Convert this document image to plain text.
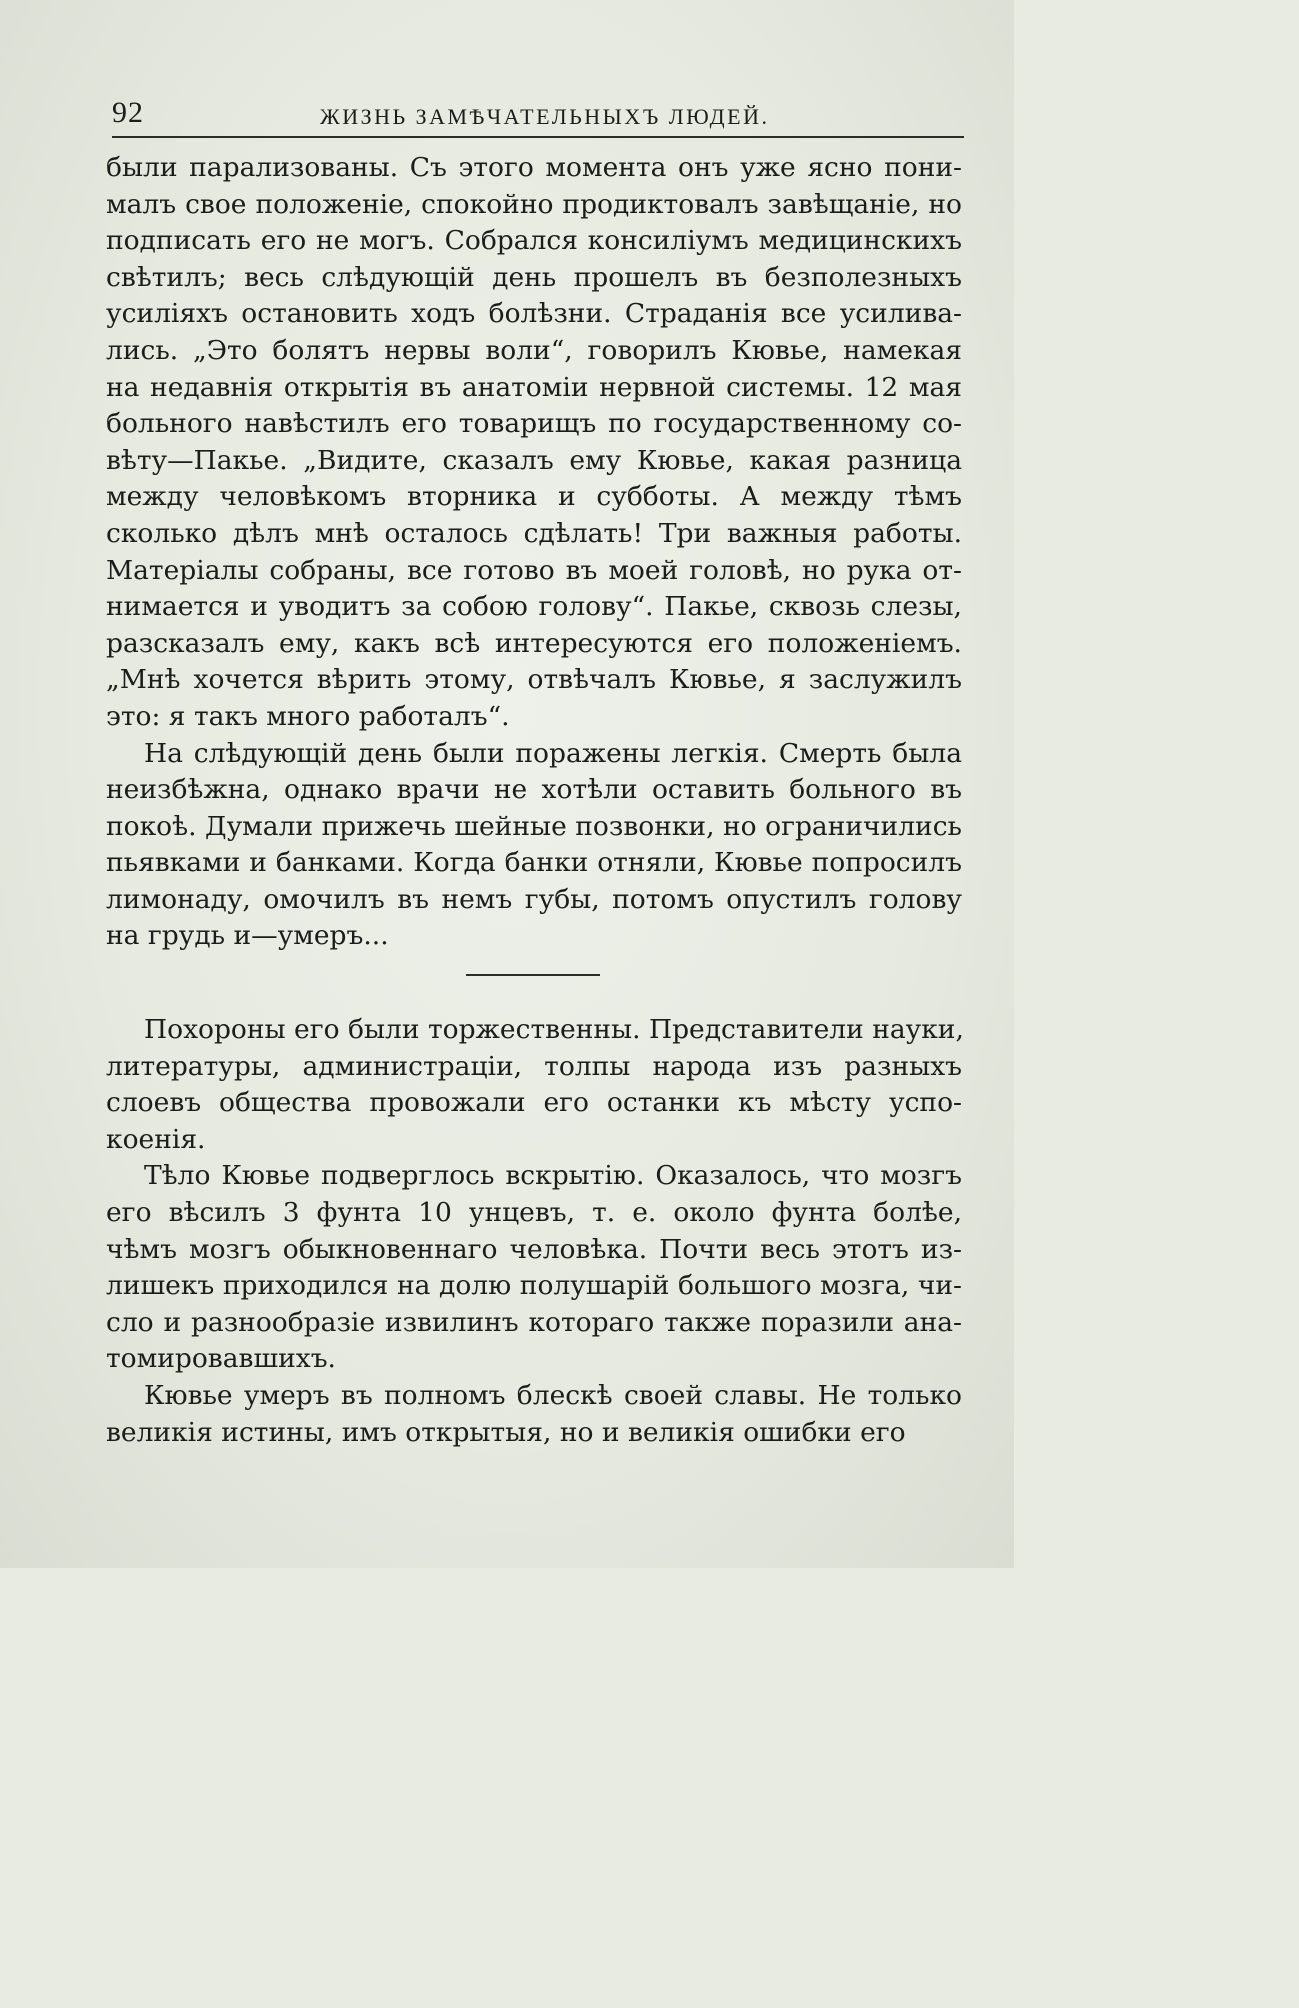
92	ЖИЗНЬ ЗАМѢЧАТЕЛЬНЫХЪ ЛЮДЕЙ.
были парализованы. Съ этого момента онъ уже ясно пони-
малъ свое положеніе, спокойно продиктовалъ завѣщаніе, но
подписать его не могъ. Собрался консиліумъ медицинскихъ
свѣтилъ; весь слѣдующій день прошелъ въ безполезныхъ
усиліяхъ остановить ходъ болѣзни. Страданія все усилива-
лись. „Это болятъ нервы воли“, говорилъ Кювье, намекая
на недавнія открытія въ анатоміи нервной системы. 12 мая
больного навѣстилъ его товарищъ по государственному со-
вѣту—Пакье. „Видите, сказалъ ему Кювье, какая разница
между человѣкомъ вторника и субботы. А между тѣмъ
сколько дѣлъ мнѣ осталось сдѣлать! Три важныя работы.
Матеріалы собраны, все готово въ моей головѣ, но рука от-
нимается и уводитъ за собою голову“. Пакье, сквозь слезы,
разсказалъ ему, какъ всѣ интересуются его положеніемъ.
„Мнѣ хочется вѣрить этому, отвѣчалъ Кювье, я заслужилъ
это: я такъ много работалъ“.
На слѣдующій день были поражены легкія. Смерть была
неизбѣжна, однако врачи не хотѣли оставить больного въ
покоѣ. Думали прижечь шейные позвонки, но ограничились
пьявками и банками. Когда банки отняли, Кювье попросилъ
лимонаду, омочилъ въ немъ губы, потомъ опустилъ голову
на грудь и—умеръ...
Похороны его были торжественны. Представители науки,
литературы, администраціи, толпы народа изъ разныхъ
слоевъ общества провожали его останки къ мѣсту успо-
коенія.
Тѣло Кювье подверглось вскрытію. Оказалось, что мозгъ
его вѣсилъ 3 фунта 10 унцевъ, т. е. около фунта болѣе,
чѣмъ мозгъ обыкновеннаго человѣка. Почти весь этотъ из-
лишекъ приходился на долю полушарій большого мозга, чи-
сло и разнообразіе извилинъ котораго также поразили ана-
томировавшихъ.
Кювье умеръ въ полномъ блескѣ своей славы. Не только
великія истины, имъ открытыя, но и великія ошибки его
